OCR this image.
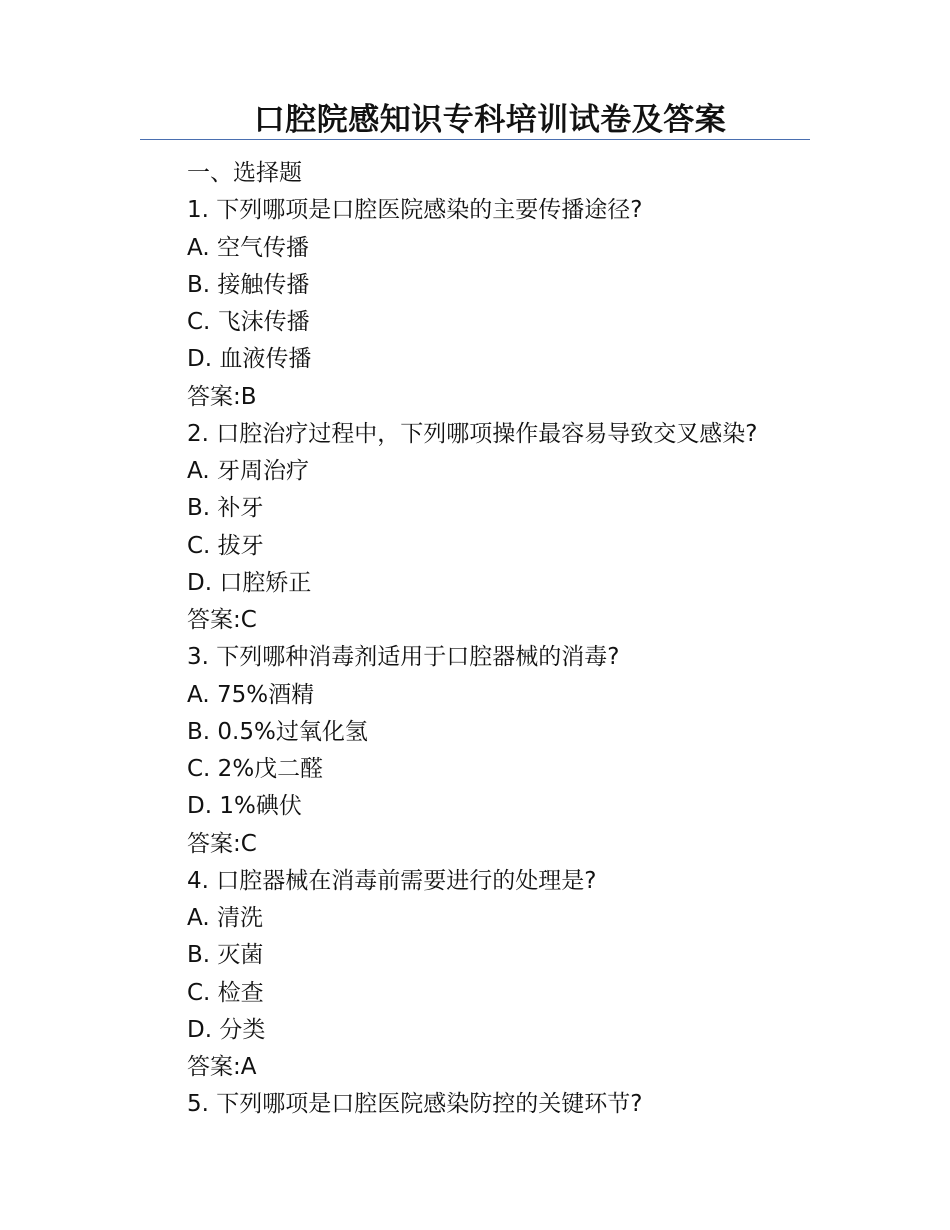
口腔院感知识专科培训试卷及答案
一、选择题
1. 下列哪项是口腔医院感染的主要传播途径?
A. 空气传播
B. 接触传播
C. 飞沫传播
D. 血液传播
答案:B
2. 口腔治疗过程中，下列哪项操作最容易导致交叉感染?
A. 牙周治疗
B. 补牙
C. 拔牙
D. 口腔矫正
答案:C
3. 下列哪种消毒剂适用于口腔器械的消毒?
A. 75%酒精
B. 0.5%过氧化氢
C. 2%戊二醛
D. 1%碘伏
答案:C
4. 口腔器械在消毒前需要进行的处理是?
A. 清洗
B. 灭菌
C. 检查
D. 分类
答案:A
5. 下列哪项是口腔医院感染防控的关键环节?
